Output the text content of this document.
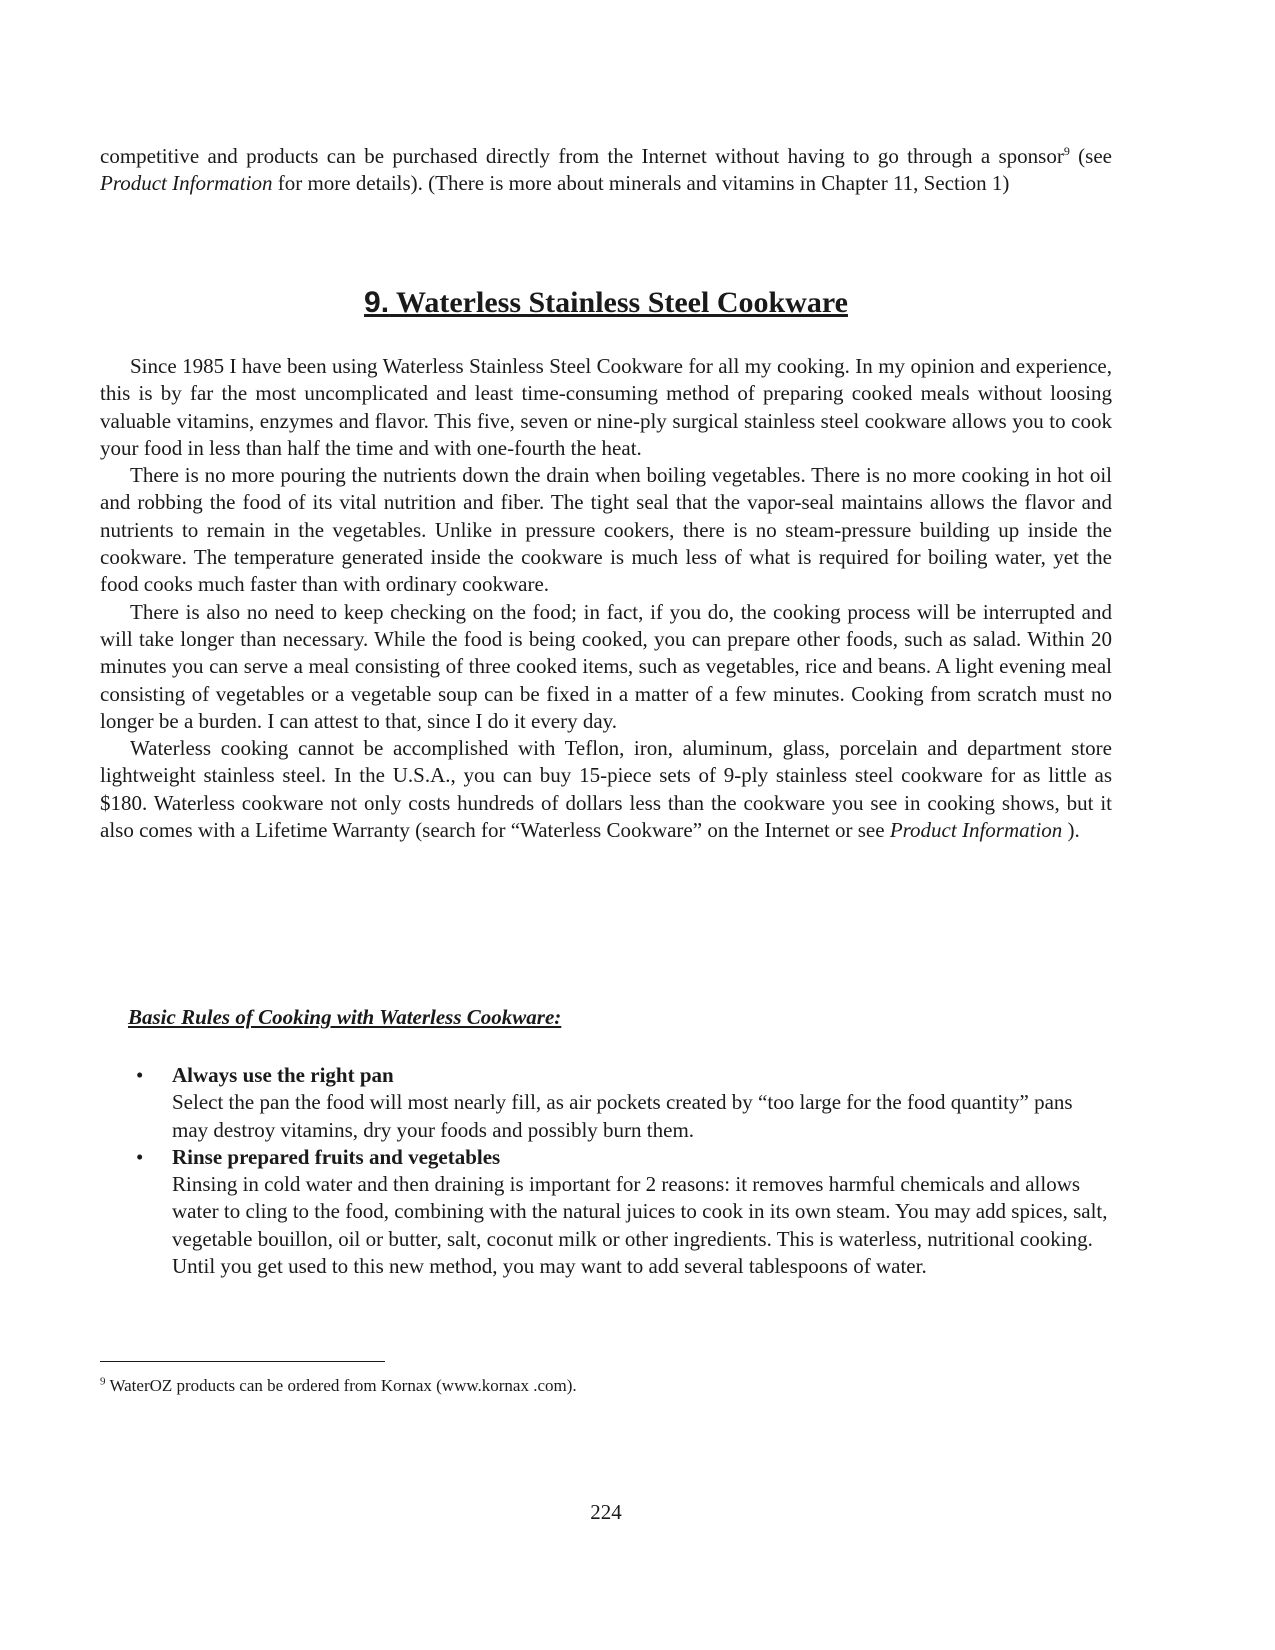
competitive and products can be purchased directly from the Internet without having to go through a sponsor$^9$ (see Product Information for more details). (There is more about minerals and vitamins in Chapter 11, Section 1)

9. Waterless Stainless Steel Cookware

Since 1985 I have been using Waterless Stainless Steel Cookware for all my cooking. In my opinion and experience, this is by far the most uncomplicated and least time-consuming method of preparing cooked meals without loosing valuable vitamins, enzymes and flavor. This five, seven or nine-ply surgical stainless steel cookware allows you to cook your food in less than half the time and with one-fourth the heat.

There is no more pouring the nutrients down the drain when boiling vegetables. There is no more cooking in hot oil and robbing the food of its vital nutrition and fiber. The tight seal that the vapor-seal maintains allows the flavor and nutrients to remain in the vegetables. Unlike in pressure cookers, there is no steam-pressure building up inside the cookware. The temperature generated inside the cookware is much less of what is required for boiling water, yet the food cooks much faster than with ordinary cookware.

There is also no need to keep checking on the food; in fact, if you do, the cooking process will be interrupted and will take longer than necessary. While the food is being cooked, you can prepare other foods, such as salad. Within 20 minutes you can serve a meal consisting of three cooked items, such as vegetables, rice and beans. A light evening meal consisting of vegetables or a vegetable soup can be fixed in a matter of a few minutes. Cooking from scratch must no longer be a burden. I can attest to that, since I do it every day.

Waterless cooking cannot be accomplished with Teflon, iron, aluminum, glass, porcelain and department store lightweight stainless steel. In the U.S.A., you can buy 15-piece sets of 9-ply stainless steel cookware for as little as $180. Waterless cookware not only costs hundreds of dollars less than the cookware you see in cooking shows, but it also comes with a Lifetime Warranty (search for “Waterless Cookware” on the Internet or see Product Information ).

Basic Rules of Cooking with Waterless Cookware:
• Always use the right pan
Select the pan the food will most nearly fill, as air pockets created by “too large for the food quantity” pans may destroy vitamins, dry your foods and possibly burn them.
• Rinse prepared fruits and vegetables
Rinsing in cold water and then draining is important for 2 reasons: it removes harmful chemicals and allows water to cling to the food, combining with the natural juices to cook in its own steam. You may add spices, salt, vegetable bouillon, oil or butter, salt, coconut milk or other ingredients. This is waterless, nutritional cooking. Until you get used to this new method, you may want to add several tablespoons of water.

$^9$ WaterOZ products can be ordered from Kornax (www.kornax .com).

224
